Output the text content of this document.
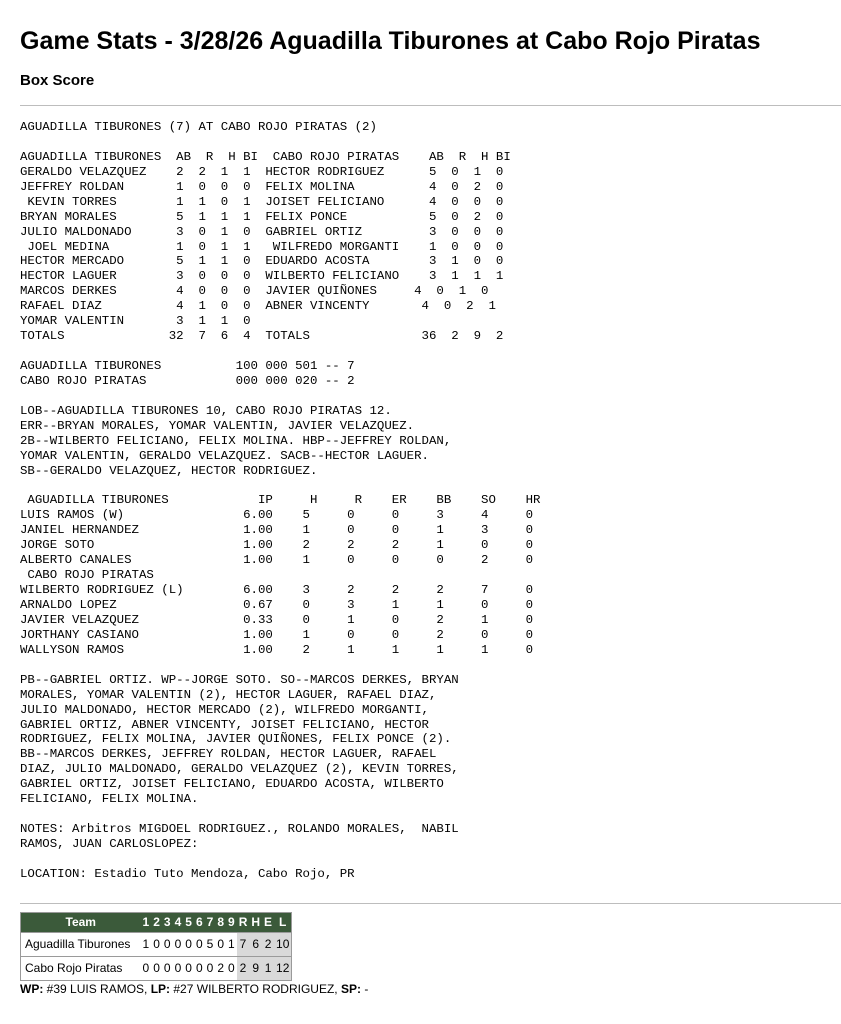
Game Stats - 3/28/26 Aguadilla Tiburones at Cabo Rojo Piratas
Box Score
AGUADILLA TIBURONES (7) AT CABO ROJO PIRATAS (2)

AGUADILLA TIBURONES  AB  R  H BI  CABO ROJO PIRATAS    AB  R  H BI
GERALDO VELAZQUEZ    2  2  1  1  HECTOR RODRIGUEZ      5  0  1  0
JEFFREY ROLDAN       1  0  0  0  FELIX MOLINA          4  0  2  0
KEVIN TORRES        1  1  0  1  JOISET FELICIANO      4  0  0  0
BRYAN MORALES        5  1  1  1  FELIX PONCE           5  0  2  0
JULIO MALDONADO      3  0  1  0  GABRIEL ORTIZ         3  0  0  0
JOEL MEDINA         1  0  1  1   WILFREDO MORGANTI    1  0  0  0
HECTOR MERCADO       5  1  1  0  EDUARDO ACOSTA        3  1  0  0
HECTOR LAGUER        3  0  0  0  WILBERTO FELICIANO    3  1  1  1
MARCOS DERKES        4  0  0  0  JAVIER QUIÑONES     4  0  1  0
RAFAEL DIAZ          4  1  0  0  ABNER VINCENTY       4  0  2  1
YOMAR VALENTIN       3  1  1  0
TOTALS              32  7  6  4  TOTALS               36  2  9  2

AGUADILLA TIBURONES          100 000 501 -- 7
CABO ROJO PIRATAS            000 000 020 -- 2

LOB--AGUADILLA TIBURONES 10, CABO ROJO PIRATAS 12.
ERR--BRYAN MORALES, YOMAR VALENTIN, JAVIER VELAZQUEZ.
2B--WILBERTO FELICIANO, FELIX MOLINA. HBP--JEFFREY ROLDAN,
YOMAR VALENTIN, GERALDO VELAZQUEZ. SACB--HECTOR LAGUER.
SB--GERALDO VELAZQUEZ, HECTOR RODRIGUEZ.

AGUADILLA TIBURONES            IP     H     R    ER    BB    SO    HR
LUIS RAMOS (W)                6.00    5     0     0     3     4     0
JANIEL HERNANDEZ              1.00    1     0     0     1     3     0
JORGE SOTO                    1.00    2     2     2     1     0     0
ALBERTO CANALES               1.00    1     0     0     0     2     0
CABO ROJO PIRATAS
WILBERTO RODRIGUEZ (L)        6.00    3     2     2     2     7     0
ARNALDO LOPEZ                 0.67    0     3     1     1     0     0
JAVIER VELAZQUEZ              0.33    0     1     0     2     1     0
JORTHANY CASIANO              1.00    1     0     0     2     0     0
WALLYSON RAMOS                1.00    2     1     1     1     1     0

PB--GABRIEL ORTIZ. WP--JORGE SOTO. SO--MARCOS DERKES, BRYAN
MORALES, YOMAR VALENTIN (2), HECTOR LAGUER, RAFAEL DIAZ,
JULIO MALDONADO, HECTOR MERCADO (2), WILFREDO MORGANTI,
GABRIEL ORTIZ, ABNER VINCENTY, JOISET FELICIANO, HECTOR
RODRIGUEZ, FELIX MOLINA, JAVIER QUIÑONES, FELIX PONCE (2).
BB--MARCOS DERKES, JEFFREY ROLDAN, HECTOR LAGUER, RAFAEL
DIAZ, JULIO MALDONADO, GERALDO VELAZQUEZ (2), KEVIN TORRES,
GABRIEL ORTIZ, JOISET FELICIANO, EDUARDO ACOSTA, WILBERTO
FELICIANO, FELIX MOLINA.

NOTES: Arbitros MIGDOEL RODRIGUEZ., ROLANDO MORALES,  NABIL
RAMOS, JUAN CARLOSLOPEZ:

LOCATION: Estadio Tuto Mendoza, Cabo Rojo, PR
Team	1	2	3	4	5	6	7	8	9	R	H	E	L
Aguadilla Tiburones	1	0	0	0	0	0	5	0	1	7	6	2	10
Cabo Rojo Piratas	0	0	0	0	0	0	0	2	0	2	9	1	12
WP: #39 LUIS RAMOS, LP: #27 WILBERTO RODRIGUEZ, SP: -
